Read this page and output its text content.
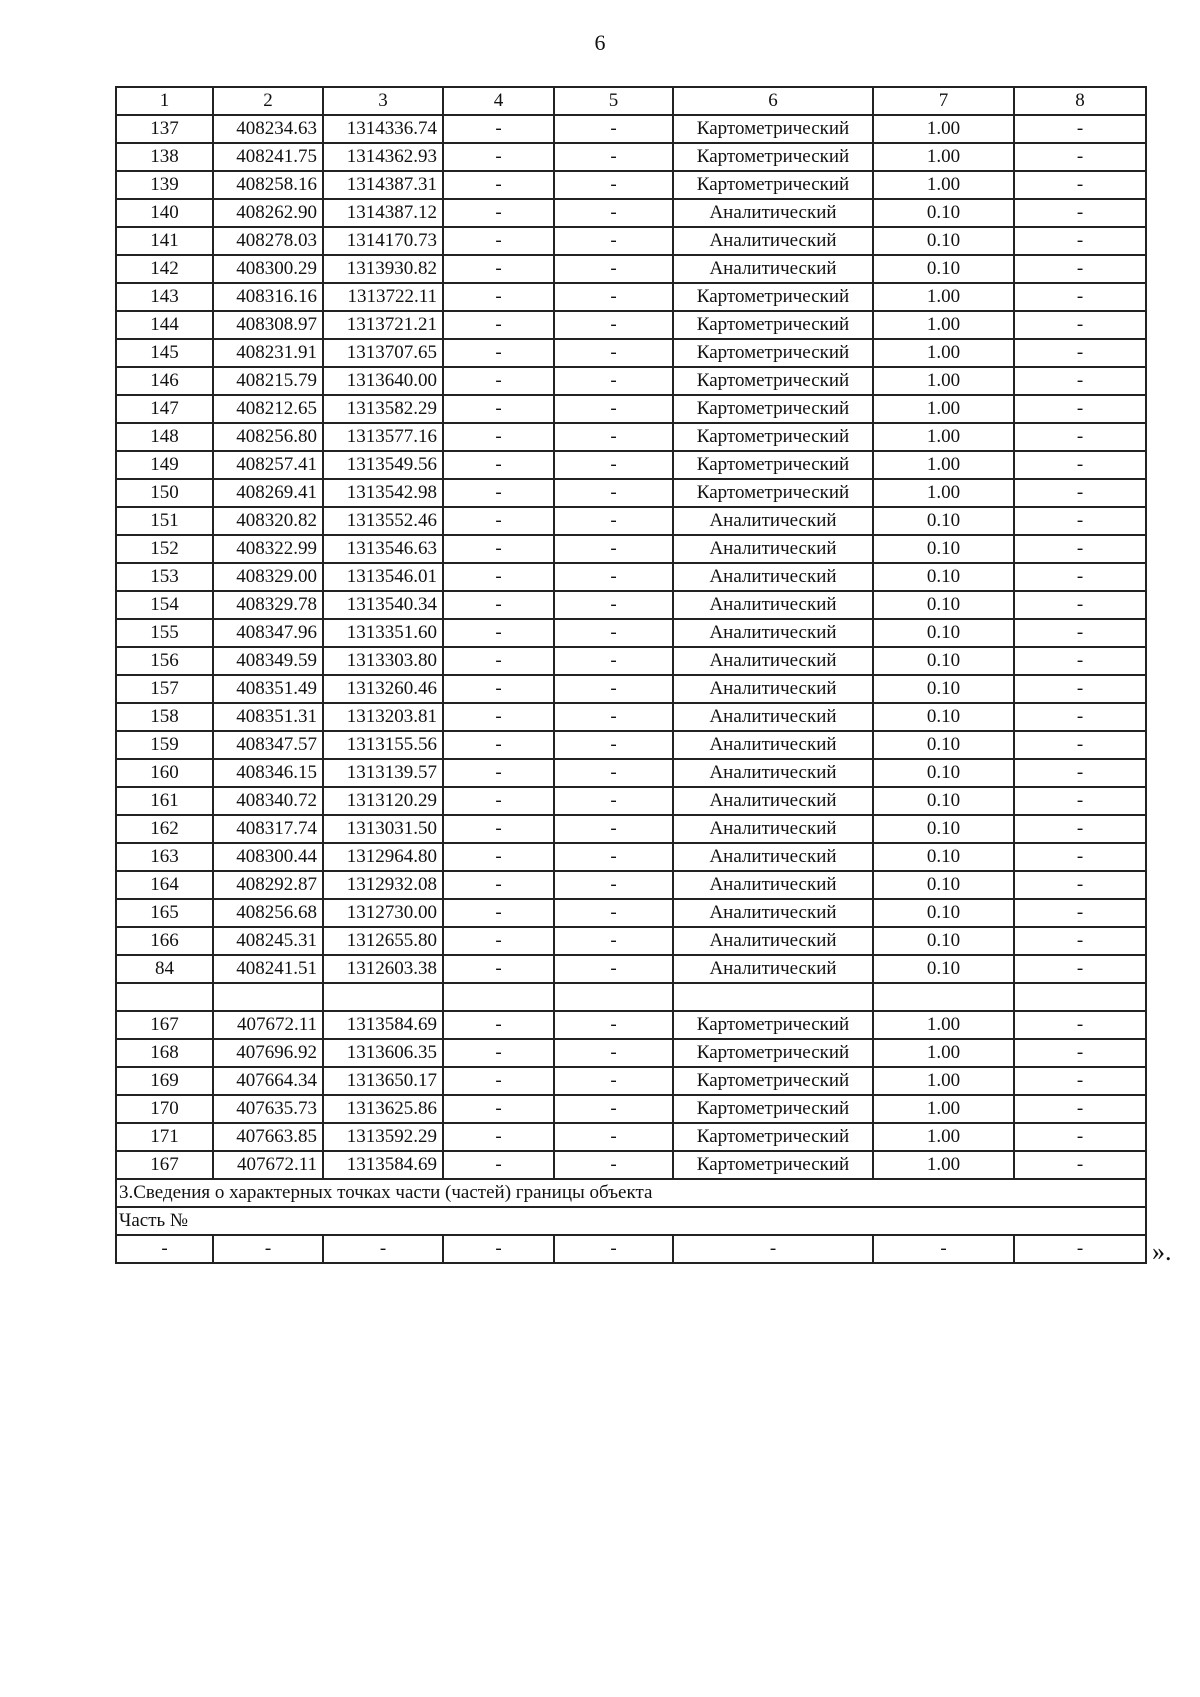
6
1	2	3	4	5	6	7	8
137	408234.63	1314336.74	-	-	Картометрический	1.00	-
138	408241.75	1314362.93	-	-	Картометрический	1.00	-
139	408258.16	1314387.31	-	-	Картометрический	1.00	-
140	408262.90	1314387.12	-	-	Аналитический	0.10	-
141	408278.03	1314170.73	-	-	Аналитический	0.10	-
142	408300.29	1313930.82	-	-	Аналитический	0.10	-
143	408316.16	1313722.11	-	-	Картометрический	1.00	-
144	408308.97	1313721.21	-	-	Картометрический	1.00	-
145	408231.91	1313707.65	-	-	Картометрический	1.00	-
146	408215.79	1313640.00	-	-	Картометрический	1.00	-
147	408212.65	1313582.29	-	-	Картометрический	1.00	-
148	408256.80	1313577.16	-	-	Картометрический	1.00	-
149	408257.41	1313549.56	-	-	Картометрический	1.00	-
150	408269.41	1313542.98	-	-	Картометрический	1.00	-
151	408320.82	1313552.46	-	-	Аналитический	0.10	-
152	408322.99	1313546.63	-	-	Аналитический	0.10	-
153	408329.00	1313546.01	-	-	Аналитический	0.10	-
154	408329.78	1313540.34	-	-	Аналитический	0.10	-
155	408347.96	1313351.60	-	-	Аналитический	0.10	-
156	408349.59	1313303.80	-	-	Аналитический	0.10	-
157	408351.49	1313260.46	-	-	Аналитический	0.10	-
158	408351.31	1313203.81	-	-	Аналитический	0.10	-
159	408347.57	1313155.56	-	-	Аналитический	0.10	-
160	408346.15	1313139.57	-	-	Аналитический	0.10	-
161	408340.72	1313120.29	-	-	Аналитический	0.10	-
162	408317.74	1313031.50	-	-	Аналитический	0.10	-
163	408300.44	1312964.80	-	-	Аналитический	0.10	-
164	408292.87	1312932.08	-	-	Аналитический	0.10	-
165	408256.68	1312730.00	-	-	Аналитический	0.10	-
166	408245.31	1312655.80	-	-	Аналитический	0.10	-
84	408241.51	1312603.38	-	-	Аналитический	0.10	-

167	407672.11	1313584.69	-	-	Картометрический	1.00	-
168	407696.92	1313606.35	-	-	Картометрический	1.00	-
169	407664.34	1313650.17	-	-	Картометрический	1.00	-
170	407635.73	1313625.86	-	-	Картометрический	1.00	-
171	407663.85	1313592.29	-	-	Картометрический	1.00	-
167	407672.11	1313584.69	-	-	Картометрический	1.00	-
3.Сведения о характерных точках части (частей) границы объекта							
Часть №							
-	-	-	-	-	-	-	-	».
